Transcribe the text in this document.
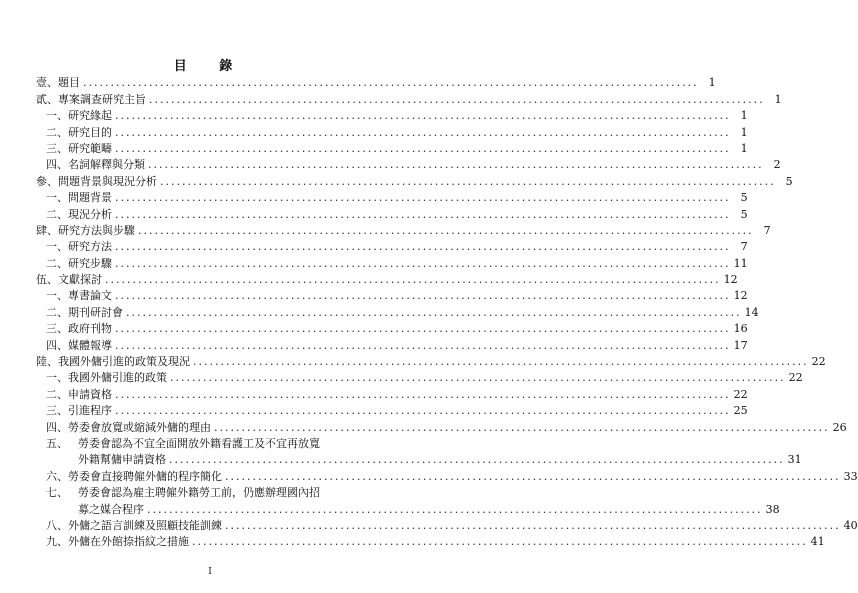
目 錄
壹、 題目 .....	1
貳、 專案調查研究主旨 .....	1
一、 研究緣起 .....	1
二、 研究目的 .....	1
三、 研究範疇 .....	1
四、 名詞解釋與分類 .....	2
參、 問題背景與現況分析 .....	5
一、 問題背景 .....	5
二、 現況分析 .....	5
肆、 研究方法與步驟 .....	7
一、 研究方法 .....	7
二、 研究步驟 .....	11
伍、 文獻探討 .....	12
一、 專書論文 .....	12
二、 期刊研討會 .....	14
三、 政府刊物 .....	16
四、 媒體報導 .....	17
陸、 我國外傭引進的政策及現況 .....	22
一、 我國外傭引進的政策 .....	22
二、 申請資格 .....	22
三、 引進程序 .....	25
四、 勞委會放寬或縮減外傭的理由 .....	26
五、 勞委會認為不宜全面開放外籍看護工及不宜再放寬
外籍幫傭申請資格 .....	31
六、 勞委會直接聘僱外傭的程序簡化 .....	33
七、 勞委會認為雇主聘僱外籍勞工前，仍應辦理國內招
募之媒合程序 .....	38
八、 外傭之語言訓練及照顧技能訓練 .....	40
九、 外傭在外館捺指紋之措施 .....	41
I
